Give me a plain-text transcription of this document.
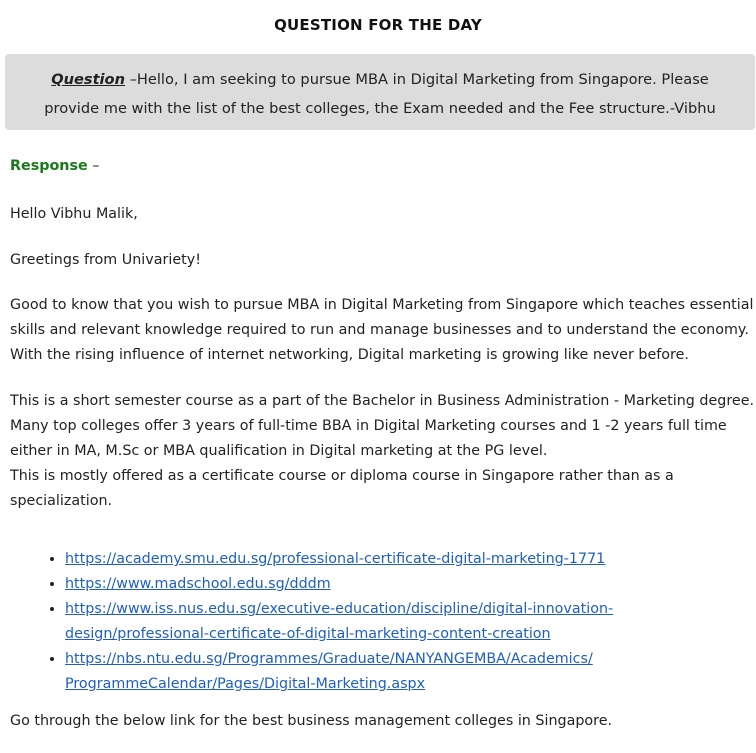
QUESTION FOR THE DAY
Question –Hello, I am seeking to pursue MBA in Digital Marketing from Singapore. Please
provide me with the list of the best colleges, the Exam needed and the Fee structure.-Vibhu
Response –
Hello Vibhu Malik,
Greetings from Univariety!
Good to know that you wish to pursue MBA in Digital Marketing from Singapore which teaches essential
skills and relevant knowledge required to run and manage businesses and to understand the economy.
With the rising influence of internet networking, Digital marketing is growing like never before.
This is a short semester course as a part of the Bachelor in Business Administration - Marketing degree.
Many top colleges offer 3 years of full-time BBA in Digital Marketing courses and 1 -2 years full time
either in MA, M.Sc or MBA qualification in Digital marketing at the PG level.
This is mostly offered as a certificate course or diploma course in Singapore rather than as a
specialization.
• https://academy.smu.edu.sg/professional-certificate-digital-marketing-1771
• https://www.madschool.edu.sg/dddm
• https://www.iss.nus.edu.sg/executive-education/discipline/digital-innovation-
design/professional-certificate-of-digital-marketing-content-creation
• https://nbs.ntu.edu.sg/Programmes/Graduate/NANYANGEMBA/Academics/
ProgrammeCalendar/Pages/Digital-Marketing.aspx
Go through the below link for the best business management colleges in Singapore.
